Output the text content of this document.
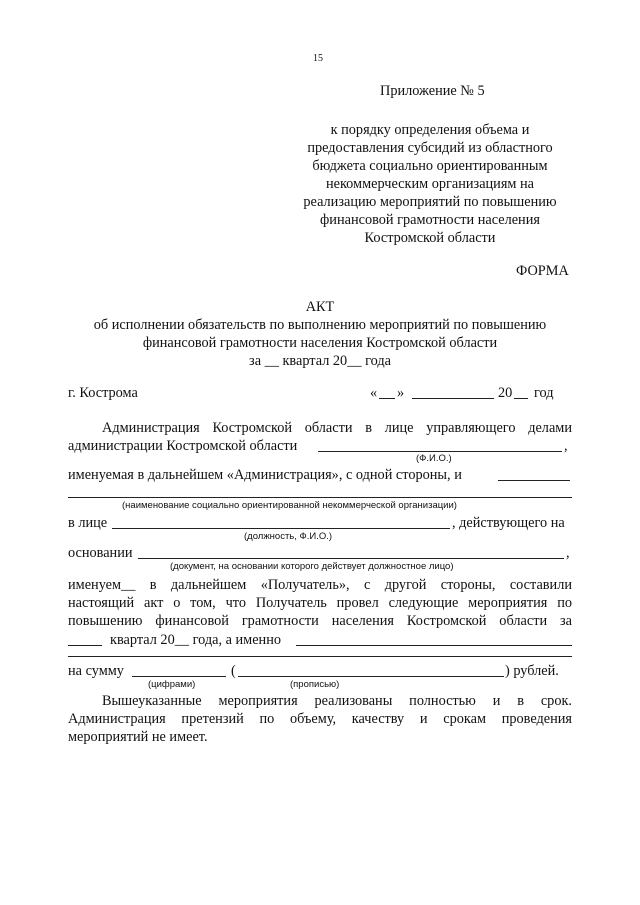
15
Приложение № 5
к порядку определения объема и
предоставления субсидий из областного
бюджета социально ориентированным
некоммерческим организациям на
реализацию мероприятий по повышению
финансовой грамотности населения
Костромской области
ФОРМА
АКТ
об исполнении обязательств по выполнению мероприятий по повышению
финансовой грамотности населения Костромской области
за __ квартал 20__ года
г. Кострома	« »	20 год
Администрация Костромской области в лице управляющего делами
администрации Костромской области	,
(Ф.И.О.)
именуемая в дальнейшем «Администрация», с одной стороны, и
(наименование социально ориентированной некоммерческой организации)
в лице	, действующего на
(должность, Ф.И.О.)
основании	,
(документ, на основании которого действует должностное лицо)
именуем__ в дальнейшем «Получатель», с другой стороны, составили
настоящий акт о том, что Получатель провел следующие мероприятия по
повышению финансовой грамотности населения Костромской области за
квартал 20__ года, а именно
на сумму	(	) рублей.
(цифрами)	(прописью)
Вышеуказанные мероприятия реализованы полностью и в срок.
Администрация претензий по объему, качеству и срокам проведения
мероприятий не имеет.
